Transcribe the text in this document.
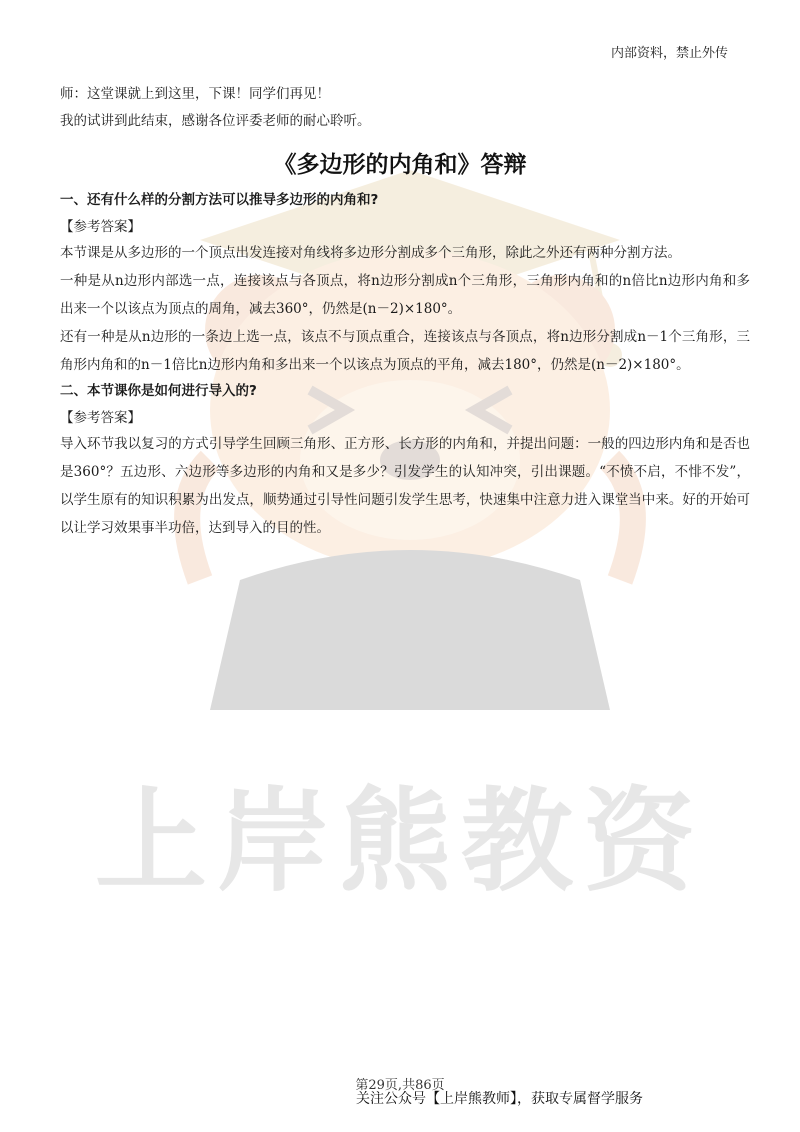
上岸熊教资
内部资料，禁止外传
师：这堂课就上到这里，下课！同学们再见！
我的试讲到此结束，感谢各位评委老师的耐心聆听。
《多边形的内角和》答辩
一、还有什么样的分割方法可以推导多边形的内角和?
【参考答案】
本节课是从多边形的一个顶点出发连接对角线将多边形分割成多个三角形，除此之外还有两种分割方法。
一种是从n边形内部选一点，连接该点与各顶点，将n边形分割成n个三角形，三角形内角和的n倍比n边形内角和多出来一个以该点为顶点的周角，减去360°，仍然是(n－2)×180°。
还有一种是从n边形的一条边上选一点，该点不与顶点重合，连接该点与各顶点，将n边形分割成n－1个三角形，三角形内角和的n－1倍比n边形内角和多出来一个以该点为顶点的平角，减去180°，仍然是(n－2)×180°。
二、本节课你是如何进行导入的?
【参考答案】
导入环节我以复习的方式引导学生回顾三角形、正方形、长方形的内角和，并提出问题：一般的四边形内角和是否也是360°？五边形、六边形等多边形的内角和又是多少？引发学生的认知冲突，引出课题。“不愤不启，不悱不发”，以学生原有的知识积累为出发点，顺势通过引导性问题引发学生思考，快速集中注意力进入课堂当中来。好的开始可以让学习效果事半功倍，达到导入的目的性。
第29页,共86页
关注公众号【上岸熊教师】，获取专属督学服务
